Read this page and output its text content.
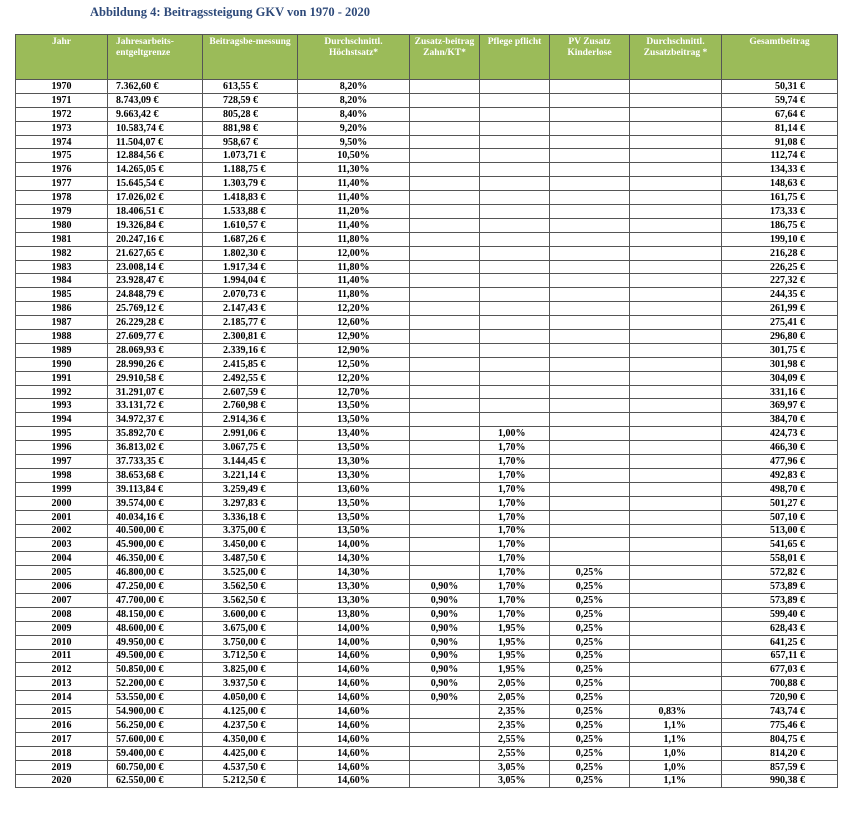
Abbildung 4: Beitragssteigung GKV von 1970 - 2020
Jahr	Jahresarbeits-entgeltgrenze	Beitragsbe-messung	Durchschnittl. Höchstsatz*	Zusatz-beitrag Zahn/KT*	Pflege pflicht	PV Zusatz Kinderlose	Durchschnittl. Zusatzbeitrag *	Gesamtbeitrag
1970	7.362,60 €	613,55 €	8,20%					50,31 €
1971	8.743,09 €	728,59 €	8,20%					59,74 €
1972	9.663,42 €	805,28 €	8,40%					67,64 €
1973	10.583,74 €	881,98 €	9,20%					81,14 €
1974	11.504,07 €	958,67 €	9,50%					91,08 €
1975	12.884,56 €	1.073,71 €	10,50%					112,74 €
1976	14.265,05 €	1.188,75 €	11,30%					134,33 €
1977	15.645,54 €	1.303,79 €	11,40%					148,63 €
1978	17.026,02 €	1.418,83 €	11,40%					161,75 €
1979	18.406,51 €	1.533,88 €	11,20%					173,33 €
1980	19.326,84 €	1.610,57 €	11,40%					186,75 €
1981	20.247,16 €	1.687,26 €	11,80%					199,10 €
1982	21.627,65 €	1.802,30 €	12,00%					216,28 €
1983	23.008,14 €	1.917,34 €	11,80%					226,25 €
1984	23.928,47 €	1.994,04 €	11,40%					227,32 €
1985	24.848,79 €	2.070,73 €	11,80%					244,35 €
1986	25.769,12 €	2.147,43 €	12,20%					261,99 €
1987	26.229,28 €	2.185,77 €	12,60%					275,41 €
1988	27.609,77 €	2.300,81 €	12,90%					296,80 €
1989	28.069,93 €	2.339,16 €	12,90%					301,75 €
1990	28.990,26 €	2.415,85 €	12,50%					301,98 €
1991	29.910,58 €	2.492,55 €	12,20%					304,09 €
1992	31.291,07 €	2.607,59 €	12,70%					331,16 €
1993	33.131,72 €	2.760,98 €	13,50%					369,97 €
1994	34.972,37 €	2.914,36 €	13,50%					384,70 €
1995	35.892,70 €	2.991,06 €	13,40%		1,00%			424,73 €
1996	36.813,02 €	3.067,75 €	13,50%		1,70%			466,30 €
1997	37.733,35 €	3.144,45 €	13,30%		1,70%			477,96 €
1998	38.653,68 €	3.221,14 €	13,30%		1,70%			492,83 €
1999	39.113,84 €	3.259,49 €	13,60%		1,70%			498,70 €
2000	39.574,00 €	3.297,83 €	13,50%		1,70%			501,27 €
2001	40.034,16 €	3.336,18 €	13,50%		1,70%			507,10 €
2002	40.500,00 €	3.375,00 €	13,50%		1,70%			513,00 €
2003	45.900,00 €	3.450,00 €	14,00%		1,70%			541,65 €
2004	46.350,00 €	3.487,50 €	14,30%		1,70%			558,01 €
2005	46.800,00 €	3.525,00 €	14,30%		1,70%	0,25%		572,82 €
2006	47.250,00 €	3.562,50 €	13,30%	0,90%	1,70%	0,25%		573,89 €
2007	47.700,00 €	3.562,50 €	13,30%	0,90%	1,70%	0,25%		573,89 €
2008	48.150,00 €	3.600,00 €	13,80%	0,90%	1,70%	0,25%		599,40 €
2009	48.600,00 €	3.675,00 €	14,00%	0,90%	1,95%	0,25%		628,43 €
2010	49.950,00 €	3.750,00 €	14,00%	0,90%	1,95%	0,25%		641,25 €
2011	49.500,00 €	3.712,50 €	14,60%	0,90%	1,95%	0,25%		657,11 €
2012	50.850,00 €	3.825,00 €	14,60%	0,90%	1,95%	0,25%		677,03 €
2013	52.200,00 €	3.937,50 €	14,60%	0,90%	2,05%	0,25%		700,88 €
2014	53.550,00 €	4.050,00 €	14,60%	0,90%	2,05%	0,25%		720,90 €
2015	54.900,00 €	4.125,00 €	14,60%		2,35%	0,25%	0,83%	743,74 €
2016	56.250,00 €	4.237,50 €	14,60%		2,35%	0,25%	1,1%	775,46 €
2017	57.600,00 €	4.350,00 €	14,60%		2,55%	0,25%	1,1%	804,75 €
2018	59.400,00 €	4.425,00 €	14,60%		2,55%	0,25%	1,0%	814,20 €
2019	60.750,00 €	4.537,50 €	14,60%		3,05%	0,25%	1,0%	857,59 €
2020	62.550,00 €	5.212,50 €	14,60%		3,05%	0,25%	1,1%	990,38 €
